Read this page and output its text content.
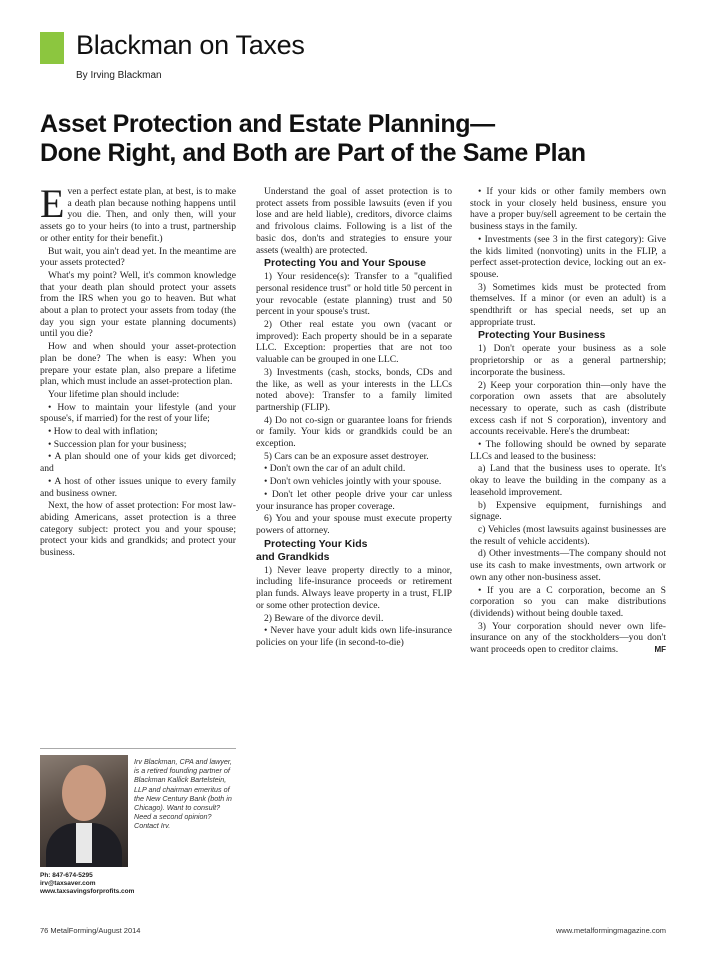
Blackman on Taxes
By Irving Blackman
Asset Protection and Estate Planning—
Done Right, and Both are Part of the Same Plan

Even a perfect estate plan, at best, is to make a death plan because nothing happens until you die. Then, and only then, will your assets go to your heirs (to into a trust, partnership or other entity for their benefit.)

But wait, you ain't dead yet. In the meantime are your assets protected?

What's my point? Well, it's common knowledge that your death plan should protect your assets from the IRS when you go to heaven. But what about a plan to protect your assets from today (the day you sign your estate planning documents) until you die?

How and when should your asset-protection plan be done? The when is easy: When you prepare your estate plan, also prepare a lifetime plan, which must include an asset-protection plan.

Your lifetime plan should include:

• How to maintain your lifestyle (and your spouse's, if married) for the rest of your life;

• How to deal with inflation;

• Succession plan for your business;

• A plan should one of your kids get divorced; and

• A host of other issues unique to every family and business owner.

Next, the how of asset protection: For most law-abiding Americans, asset protection is a three category subject: protect you and your spouse; protect your kids and grandkids; and protect your business.

Understand the goal of asset protection is to protect assets from possible lawsuits (even if you lose and are held liable), creditors, divorce claims and frivolous claims. Following is a list of the basic dos, don'ts and strategies to ensure your assets (wealth) are protected.

Protecting You and Your Spouse

1) Your residence(s): Transfer to a "qualified personal residence trust" or hold title 50 percent in your revocable (estate planning) trust and 50 percent in your spouse's trust.

2) Other real estate you own (vacant or improved): Each property should be in a separate LLC. Exception: properties that are not too valuable can be grouped in one LLC.

3) Investments (cash, stocks, bonds, CDs and the like, as well as your interests in the LLCs noted above): Transfer to a family limited partnership (FLIP).

4) Do not co-sign or guarantee loans for friends or family. Your kids or grandkids could be an exception.

5) Cars can be an exposure asset destroyer.

• Don't own the car of an adult child.

• Don't own vehicles jointly with your spouse.

• Don't let other people drive your car unless your insurance has proper coverage.

6) You and your spouse must execute property powers of attorney.

Protecting Your Kids
and Grandkids

1) Never leave property directly to a minor, including life-insurance proceeds or retirement plan funds. Always leave property in a trust, FLIP or some other protection device.

2) Beware of the divorce devil.

• Never have your adult kids own life-insurance policies on your life (in second-to-die)

• If your kids or other family members own stock in your closely held business, ensure you have a proper buy/sell agreement to be certain the business stays in the family.

• Investments (see 3 in the first category): Give the kids limited (nonvoting) units in the FLIP, a perfect asset-protection device, locking out an ex-spouse.

3) Sometimes kids must be protected from themselves. If a minor (or even an adult) is a spendthrift or has special needs, set up an appropriate trust.

Protecting Your Business

1) Don't operate your business as a sole proprietorship or as a general partnership; incorporate the business.

2) Keep your corporation thin—only have the corporation own assets that are absolutely necessary to operate, such as cash (distribute excess cash if not S corporation), inventory and accounts receivable. Here's the drumbeat:

• The following should be owned by separate LLCs and leased to the business:

a) Land that the business uses to operate. It's okay to leave the building in the company as a leasehold improvement.

b) Expensive equipment, furnishings and signage.

c) Vehicles (most lawsuits against businesses are the result of vehicle accidents).

d) Other investments—The company should not use its cash to make investments, own artwork or own any other non-business asset.

• If you are a C corporation, become an S corporation so you can make distributions (dividends) without being double taxed.

3) Your corporation should never own life-insurance on any of the stockholders—you don't want proceeds open to creditor claims.	MF

Irv Blackman, CPA and lawyer, is a retired founding partner of Blackman Kallick Bartelstein, LLP and chairman emeritus of the New Century Bank (both in Chicago). Want to consult? Need a second opinion? Contact Irv.
Ph: 847-674-5295
irv@taxsaver.com
www.taxsavingsforprofits.com
76 MetalForming/August 2014	www.metalformingmagazine.com
